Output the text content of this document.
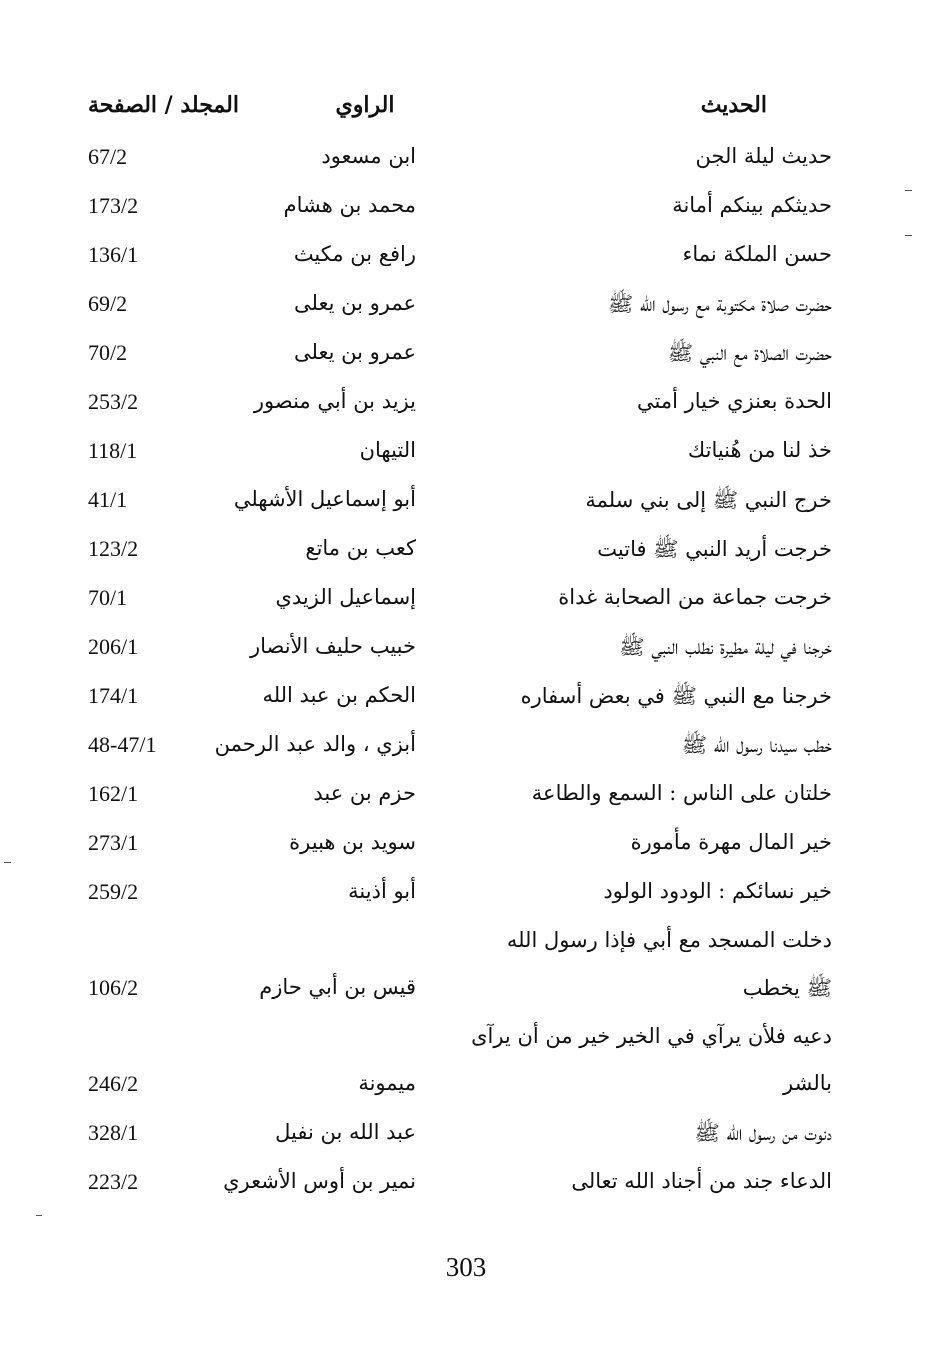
الحديث
الراوي
المجلد / الصفحة
حديث ليلة الجن
ابن مسعود
67/2
حديثكم بينكم أمانة
محمد بن هشام
173/2
حسن الملكة نماء
رافع بن مكيث
136/1
حضرت صلاة مكتوبة مع رسول الله ﷺ
عمرو بن يعلى
69/2
حضرت الصلاة مع النبي ﷺ
عمرو بن يعلى
70/2
الحدة بعنزي خيار أمتي
يزيد بن أبي منصور
253/2
خذ لنا من هُنياتك
التيهان
118/1
خرج النبي ﷺ إلى بني سلمة
أبو إسماعيل الأشهلي
41/1
خرجت أريد النبي ﷺ فاتيت
كعب بن ماتع
123/2
خرجت جماعة من الصحابة غداة
إسماعيل الزيدي
70/1
خرجنا في ليلة مطيرة نطلب النبي ﷺ
خبيب حليف الأنصار
206/1
خرجنا مع النبي ﷺ في بعض أسفاره
الحكم بن عبد الله
174/1
خطب سيدنا رسول الله ﷺ
أبزي ، والد عبد الرحمن
48-47/1
خلتان على الناس : السمع والطاعة
حزم بن عبد
162/1
خير المال مهرة مأمورة
سويد بن هبيرة
273/1
خير نسائكم : الودود الولود
أبو أذينة
259/2
دخلت المسجد مع أبي فإذا رسول الله
ﷺ يخطب
قيس بن أبي حازم
106/2
دعيه فلأن يرآي في الخير خير من أن يرآى
بالشر
ميمونة
246/2
دنوت من رسول الله ﷺ
عبد الله بن نفيل
328/1
الدعاء جند من أجناد الله تعالى
نمير بن أوس الأشعري
223/2
303
